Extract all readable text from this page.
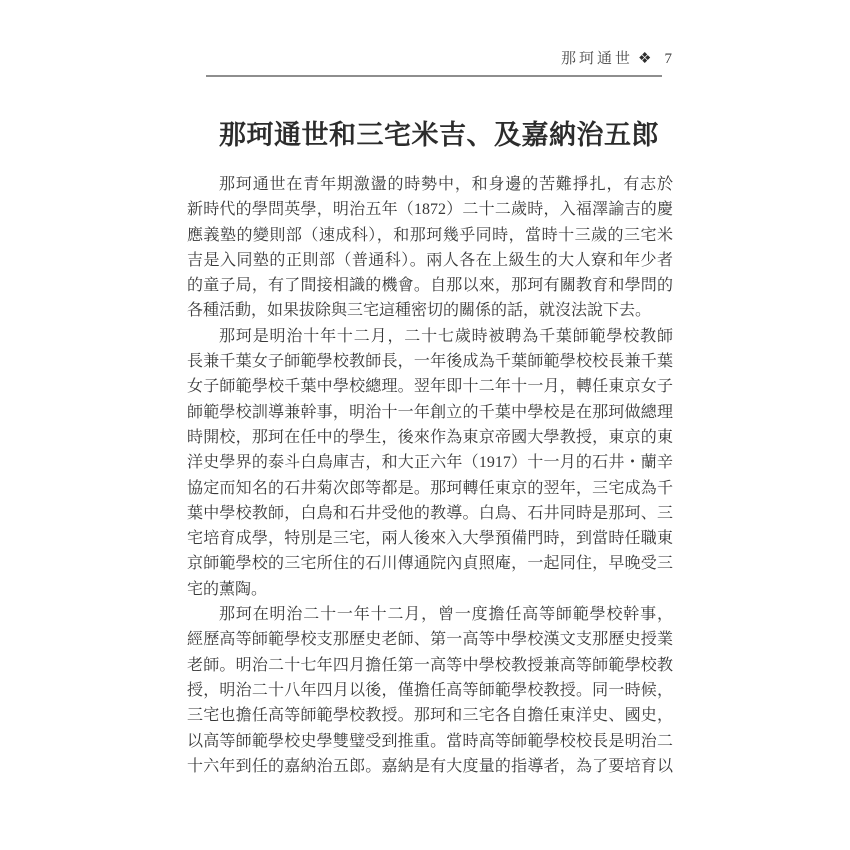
那珂通世 ❖ 7
那珂通世和三宅米吉、及嘉納治五郎
那珂通世在青年期激盪的時勢中，和身邊的苦難掙扎，有志於
新時代的學問英學，明治五年（1872）二十二歲時，入福澤諭吉的慶
應義塾的變則部（速成科），和那珂幾乎同時，當時十三歲的三宅米
吉是入同塾的正則部（普通科）。兩人各在上級生的大人寮和年少者
的童子局，有了間接相識的機會。自那以來，那珂有關教育和學問的
各種活動，如果拔除與三宅這種密切的關係的話，就沒法說下去。
那珂是明治十年十二月，二十七歲時被聘為千葉師範學校教師
長兼千葉女子師範學校教師長，一年後成為千葉師範學校校長兼千葉
女子師範學校千葉中學校總理。翌年即十二年十一月，轉任東京女子
師範學校訓導兼幹事，明治十一年創立的千葉中學校是在那珂做總理
時開校，那珂在任中的學生，後來作為東京帝國大學教授，東京的東
洋史學界的泰斗白鳥庫吉，和大正六年（1917）十一月的石井・蘭辛
協定而知名的石井菊次郎等都是。那珂轉任東京的翌年，三宅成為千
葉中學校教師，白鳥和石井受他的教導。白鳥、石井同時是那珂、三
宅培育成學，特別是三宅，兩人後來入大學預備門時，到當時任職東
京師範學校的三宅所住的石川傳通院內貞照庵，一起同住，早晚受三
宅的薰陶。
那珂在明治二十一年十二月，曾一度擔任高等師範學校幹事，
經歷高等師範學校支那歷史老師、第一高等中學校漢文支那歷史授業
老師。明治二十七年四月擔任第一高等中學校教授兼高等師範學校教
授，明治二十八年四月以後，僅擔任高等師範學校教授。同一時候，
三宅也擔任高等師範學校教授。那珂和三宅各自擔任東洋史、國史，
以高等師範學校史學雙璧受到推重。當時高等師範學校校長是明治二
十六年到任的嘉納治五郎。嘉納是有大度量的指導者，為了要培育以
